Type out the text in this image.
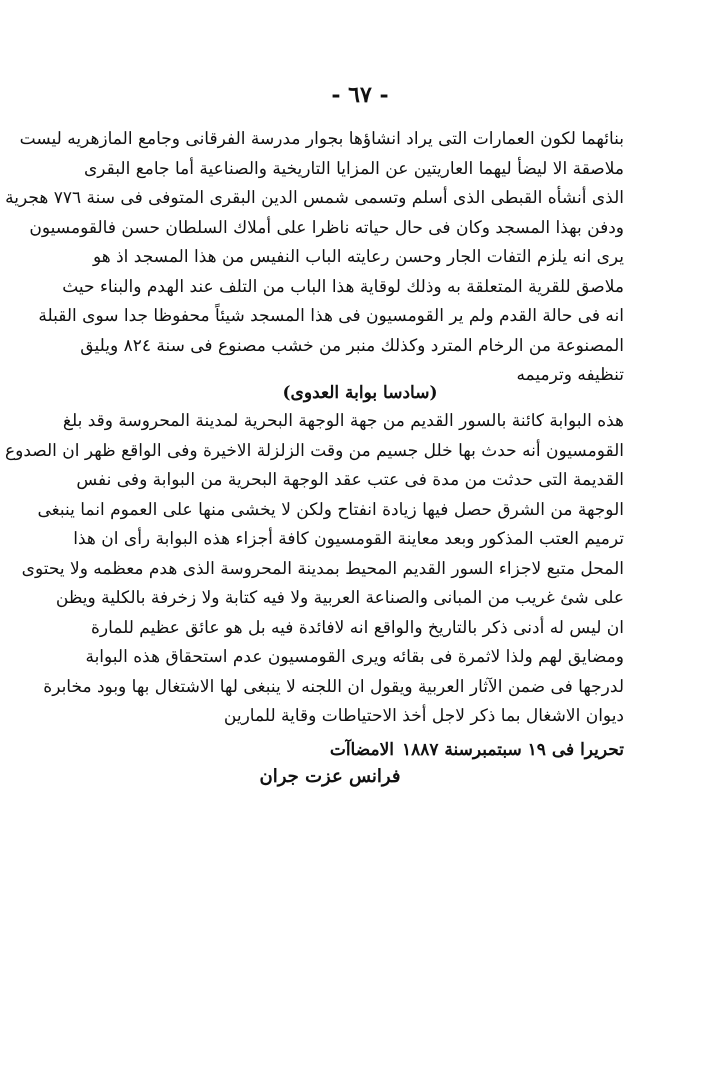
- ٦٧ -
بنائهما لكون العمارات التى يراد انشاؤها بجوار مدرسة الفرقانى وجامع المازهريه ليست
ملاصقة الا ليضأ ليهما العاريتين عن المزايا التاريخية والصناعية أما جامع البقرى
الذى أنشأه القبطى الذى أسلم وتسمى شمس الدين البقرى المتوفى فى سنة ٧٧٦ هجرية
ودفن بهذا المسجد وكان فى حال حياته ناظرا على أملاك السلطان حسن فالقومسيون
يرى انه يلزم التفات الجار وحسن رعايته الباب النفيس من هذا المسجد اذ هو
ملاصق للقرية المتعلقة به وذلك لوقاية هذا الباب من التلف عند الهدم والبناء حيث
انه فى حالة القدم ولم ير القومسيون فى هذا المسجد شيئاً محفوظا جدا سوى القبلة
المصنوعة من الرخام المترد وكذلك منبر من خشب مصنوع فى سنة ٨٢٤ ويليق
تنظيفه وترميمه
(سادسا بوابة العدوى)
هذه البوابة كائنة بالسور القديم من جهة الوجهة البحرية لمدينة المحروسة وقد بلغ
القومسيون أنه حدث بها خلل جسيم من وقت الزلزلة الاخيرة وفى الواقع ظهر ان الصدوع
القديمة التى حدثت من مدة فى عتب عقد الوجهة البحرية من البوابة وفى نفس
الوجهة من الشرق حصل فيها زيادة انفتاح ولكن لا يخشى منها على العموم انما ينبغى
ترميم العتب المذكور وبعد معاينة القومسيون كافة أجزاء هذه البوابة رأى ان هذا
المحل متبع لاجزاء السور القديم المحيط بمدينة المحروسة الذى هدم معظمه ولا يحتوى
على شئ غريب من المبانى والصناعة العربية ولا فيه كتابة ولا زخرفة بالكلية ويظن
ان ليس له أدنى ذكر بالتاريخ والواقع انه لافائدة فيه بل هو عائق عظيم للمارة
ومضايق لهم ولذا لاثمرة فى بقائه ويرى القومسيون عدم استحقاق هذه البوابة
لدرجها فى ضمن الآثار العربية ويقول ان اللجنه لا ينبغى لها الاشتغال بها وبود مخابرة
ديوان الاشغال بما ذكر لاجل أخذ الاحتياطات وقاية للمارين
تحريرا فى ١٩ سبتمبرسنة ١٨٨٧
الامضاآت
فرانس عزت جران
